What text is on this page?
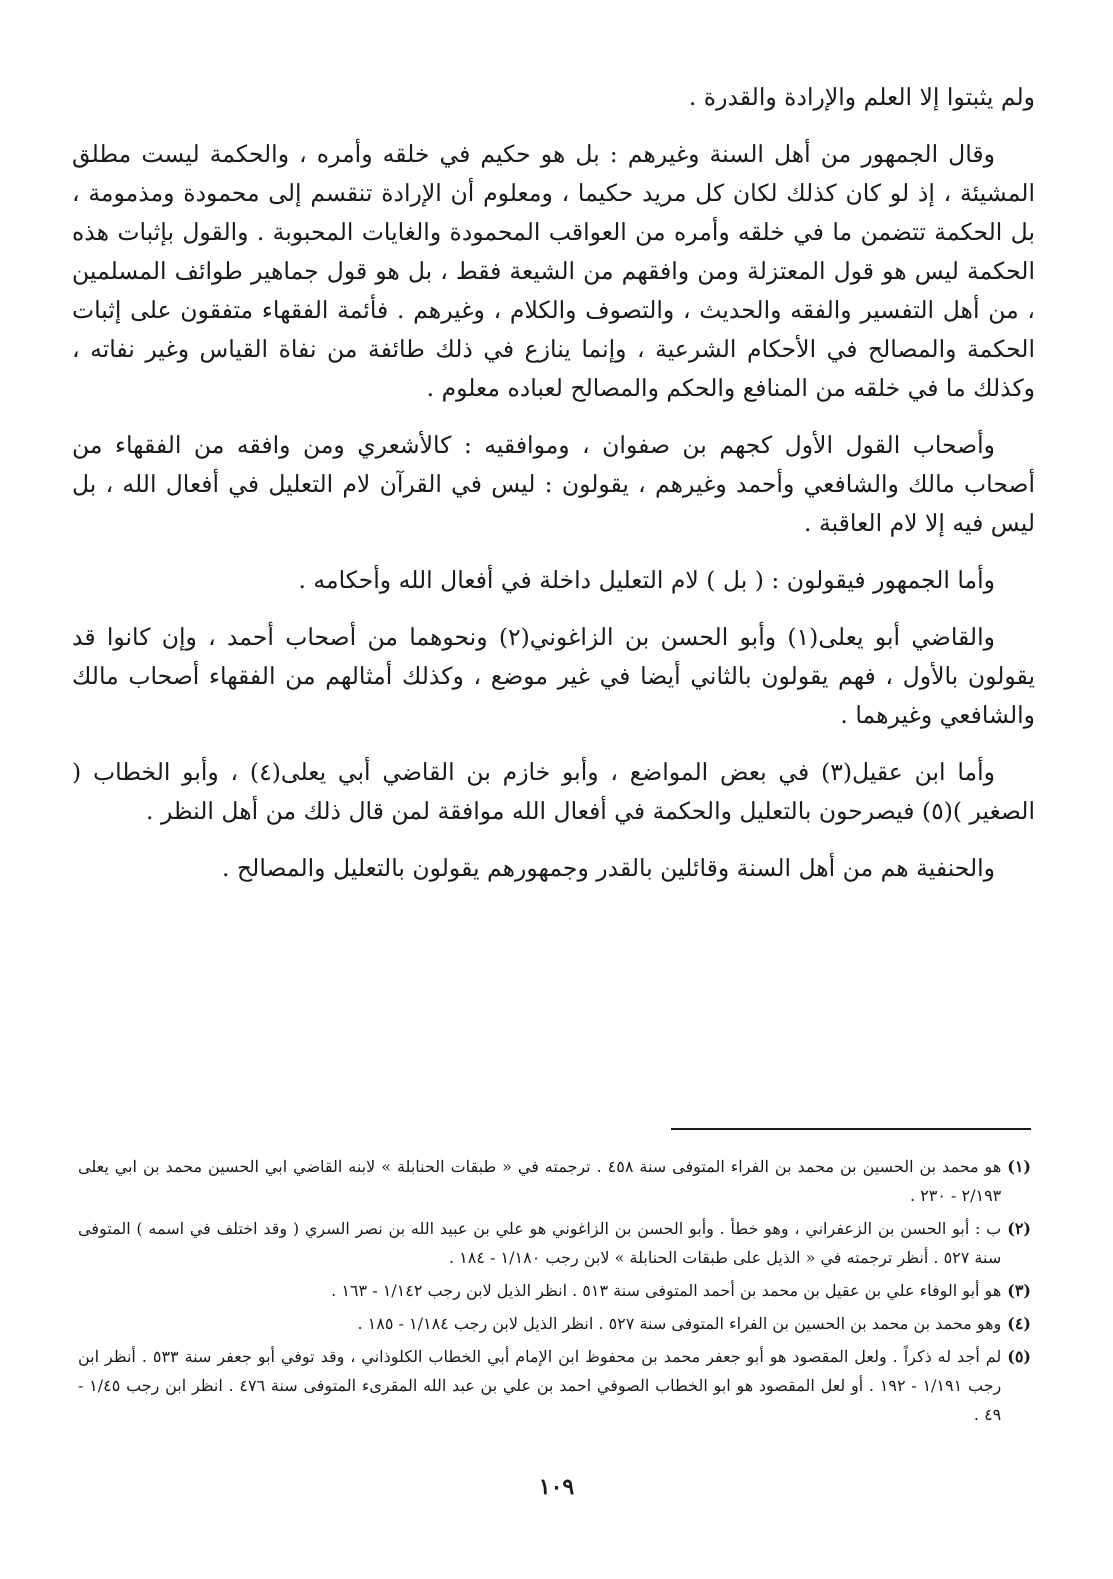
ولم يثبتوا إلا العلم والإرادة والقدرة .

وقال الجمهور من أهل السنة وغيرهم : بل هو حكيم في خلقه وأمره ، والحكمة ليست مطلق المشيئة ، إذ لو كان كذلك لكان كل مريد حكيما ، ومعلوم أن الإرادة تنقسم إلى محمودة ومذمومة ، بل الحكمة تتضمن ما في خلقه وأمره من العواقب المحمودة والغايات المحبوبة . والقول بإثبات هذه الحكمة ليس هو قول المعتزلة ومن وافقهم من الشيعة فقط ، بل هو قول جماهير طوائف المسلمين ، من أهل التفسير والفقه والحديث ، والتصوف والكلام ، وغيرهم . فأئمة الفقهاء متفقون على إثبات الحكمة والمصالح في الأحكام الشرعية ، وإنما ينازع في ذلك طائفة من نفاة القياس وغير نفاته ، وكذلك ما في خلقه من المنافع والحكم والمصالح لعباده معلوم .

وأصحاب القول الأول كجهم بن صفوان ، وموافقيه : كالأشعري ومن وافقه من الفقهاء من أصحاب مالك والشافعي وأحمد وغيرهم ، يقولون : ليس في القرآن لام التعليل في أفعال الله ، بل ليس فيه إلا لام العاقبة .

وأما الجمهور فيقولون : ( بل ) لام التعليل داخلة في أفعال الله وأحكامه .

والقاضي أبو يعلى(١) وأبو الحسن بن الزاغوني(٢) ونحوهما من أصحاب أحمد ، وإن كانوا قد يقولون بالأول ، فهم يقولون بالثاني أيضا في غير موضع ، وكذلك أمثالهم من الفقهاء أصحاب مالك والشافعي وغيرهما .

وأما ابن عقيل(٣) في بعض المواضع ، وأبو خازم بن القاضي أبي يعلى(٤) ، وأبو الخطاب ( الصغير )(٥) فيصرحون بالتعليل والحكمة في أفعال الله موافقة لمن قال ذلك من أهل النظر .

والحنفية هم من أهل السنة وقائلين بالقدر وجمهورهم يقولون بالتعليل والمصالح .

(١)
هو محمد بن الحسين بن محمد بن الفراء المتوفى سنة ٤٥٨ . ترجمته في « طبقات الحنابلة » لابنه القاضي ابي الحسين محمد بن ابي يعلى ٢/١٩٣ - ٢٣٠ .
(٢)
ب : أبو الحسن بن الزعفراني ، وهو خطأ . وأبو الحسن بن الزاغوني هو علي بن عبيد الله بن نصر السري ( وقد اختلف في اسمه ) المتوفى سنة ٥٢٧ . أنظر ترجمته في « الذيل على طبقات الحنابلة » لابن رجب ١/١٨٠ - ١٨٤ .
(٣)
هو أبو الوفاء علي بن عقيل بن محمد بن أحمد المتوفى سنة ٥١٣ . انظر الذيل لابن رجب ١/١٤٢ - ١٦٣ .
(٤)
وهو محمد بن محمد بن الحسين بن الفراء المتوفى سنة ٥٢٧ . انظر الذيل لابن رجب ١/١٨٤ - ١٨٥ .
(٥)
لم أجد له ذكراً . ولعل المقصود هو أبو جعفر محمد بن محفوظ ابن الإمام أبي الخطاب الكلوذاني ، وقد توفي أبو جعفر سنة ٥٣٣ . أنظر ابن رجب ١/١٩١ - ١٩٢ . أو لعل المقصود هو ابو الخطاب الصوفي احمد بن علي بن عبد الله المقرىء المتوفى سنة ٤٧٦ . انظر ابن رجب ١/٤٥ - ٤٩ .
١٠٩
